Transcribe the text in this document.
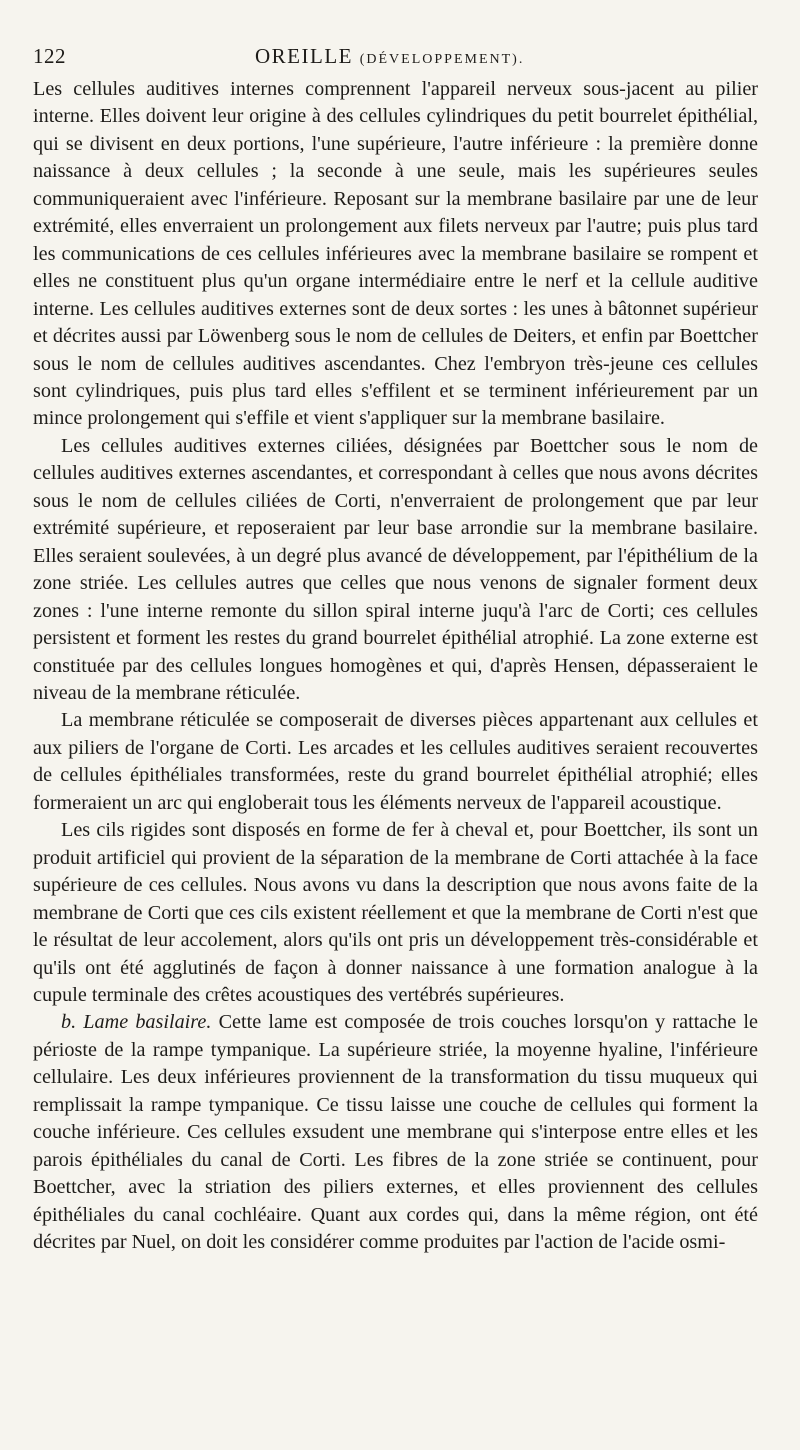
122	OREILLE (DÉVELOPPEMENT).

Les cellules auditives internes comprennent l'appareil nerveux sous-jacent au pilier interne. Elles doivent leur origine à des cellules cylindriques du petit bourrelet épithélial, qui se divisent en deux portions, l'une supérieure, l'autre inférieure : la première donne naissance à deux cellules ; la seconde à une seule, mais les supérieures seules communiqueraient avec l'inférieure. Reposant sur la membrane basilaire par une de leur extrémité, elles enverraient un prolongement aux filets nerveux par l'autre; puis plus tard les communications de ces cellules inférieures avec la membrane basilaire se rompent et elles ne constituent plus qu'un organe intermédiaire entre le nerf et la cellule auditive interne. Les cellules auditives externes sont de deux sortes : les unes à bâtonnet supérieur et décrites aussi par Löwenberg sous le nom de cellules de Deiters, et enfin par Boettcher sous le nom de cellules auditives ascendantes. Chez l'embryon très-jeune ces cellules sont cylindriques, puis plus tard elles s'effilent et se terminent inférieurement par un mince prolongement qui s'effile et vient s'appliquer sur la membrane basilaire.

Les cellules auditives externes ciliées, désignées par Boettcher sous le nom de cellules auditives externes ascendantes, et correspondant à celles que nous avons décrites sous le nom de cellules ciliées de Corti, n'enverraient de prolongement que par leur extrémité supérieure, et reposeraient par leur base arrondie sur la membrane basilaire. Elles seraient soulevées, à un degré plus avancé de développement, par l'épithélium de la zone striée. Les cellules autres que celles que nous venons de signaler forment deux zones : l'une interne remonte du sillon spiral interne juqu'à l'arc de Corti; ces cellules persistent et forment les restes du grand bourrelet épithélial atrophié. La zone externe est constituée par des cellules longues homogènes et qui, d'après Hensen, dépasseraient le niveau de la membrane réticulée.

La membrane réticulée se composerait de diverses pièces appartenant aux cellules et aux piliers de l'organe de Corti. Les arcades et les cellules auditives seraient recouvertes de cellules épithéliales transformées, reste du grand bourrelet épithélial atrophié; elles formeraient un arc qui engloberait tous les éléments nerveux de l'appareil acoustique.

Les cils rigides sont disposés en forme de fer à cheval et, pour Boettcher, ils sont un produit artificiel qui provient de la séparation de la membrane de Corti attachée à la face supérieure de ces cellules. Nous avons vu dans la description que nous avons faite de la membrane de Corti que ces cils existent réellement et que la membrane de Corti n'est que le résultat de leur accolement, alors qu'ils ont pris un développement très-considérable et qu'ils ont été agglutinés de façon à donner naissance à une formation analogue à la cupule terminale des crêtes acoustiques des vertébrés supérieures.

b. Lame basilaire. Cette lame est composée de trois couches lorsqu'on y rattache le périoste de la rampe tympanique. La supérieure striée, la moyenne hyaline, l'inférieure cellulaire. Les deux inférieures proviennent de la transformation du tissu muqueux qui remplissait la rampe tympanique. Ce tissu laisse une couche de cellules qui forment la couche inférieure. Ces cellules exsudent une membrane qui s'interpose entre elles et les parois épithéliales du canal de Corti. Les fibres de la zone striée se continuent, pour Boettcher, avec la striation des piliers externes, et elles proviennent des cellules épithéliales du canal cochléaire. Quant aux cordes qui, dans la même région, ont été décrites par Nuel, on doit les considérer comme produites par l'action de l'acide osmi-
